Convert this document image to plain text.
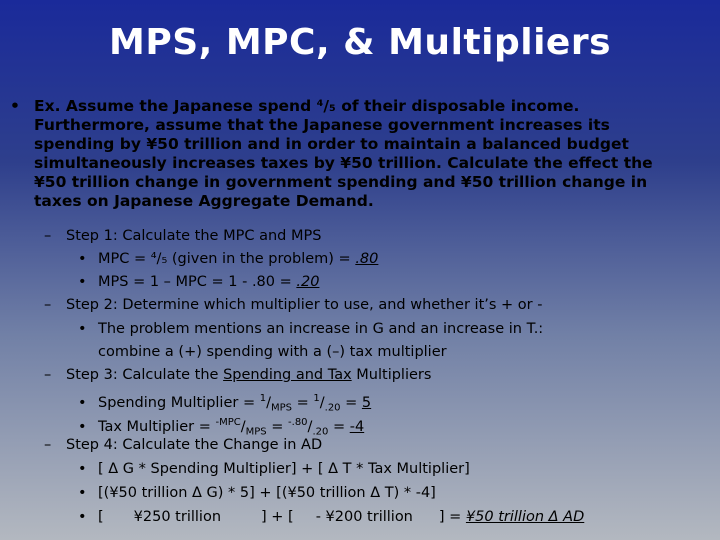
MPS, MPC, & Multipliers
• Ex. Assume the Japanese spend ⁴/₅ of their disposable income.
Furthermore, assume that the Japanese government increases its
spending by ¥50 trillion and in order to maintain a balanced budget
simultaneously increases taxes by ¥50 trillion. Calculate the effect the
¥50 trillion change in government spending and ¥50 trillion change in
taxes on Japanese Aggregate Demand.
– Step 1: Calculate the MPC and MPS
• MPC = ⁴/₅ (given in the problem) = .80
• MPS = 1 – MPC = 1 - .80 = .20
– Step 2: Determine which multiplier to use, and whether it’s + or -
• The problem mentions an increase in G and an increase in T.:
combine a (+) spending with a (–) tax multiplier
– Step 3: Calculate the Spending and Tax Multipliers
• Spending Multiplier = $^1/_{MPS} = ^1/_{.20} = 5$
• Tax Multiplier = $^{-MPC}/_{MPS} = ^{-.80}/_{.20} = -4$
– Step 4: Calculate the Change in AD
• [ Δ G * Spending Multiplier] + [ Δ T * Tax Multiplier]
• [(¥50 trillion Δ G) * 5] + [(¥50 trillion Δ T) * -4]
• [ ¥250 trillion	] + [ - ¥200 trillion ] = ¥50 trillion Δ AD
